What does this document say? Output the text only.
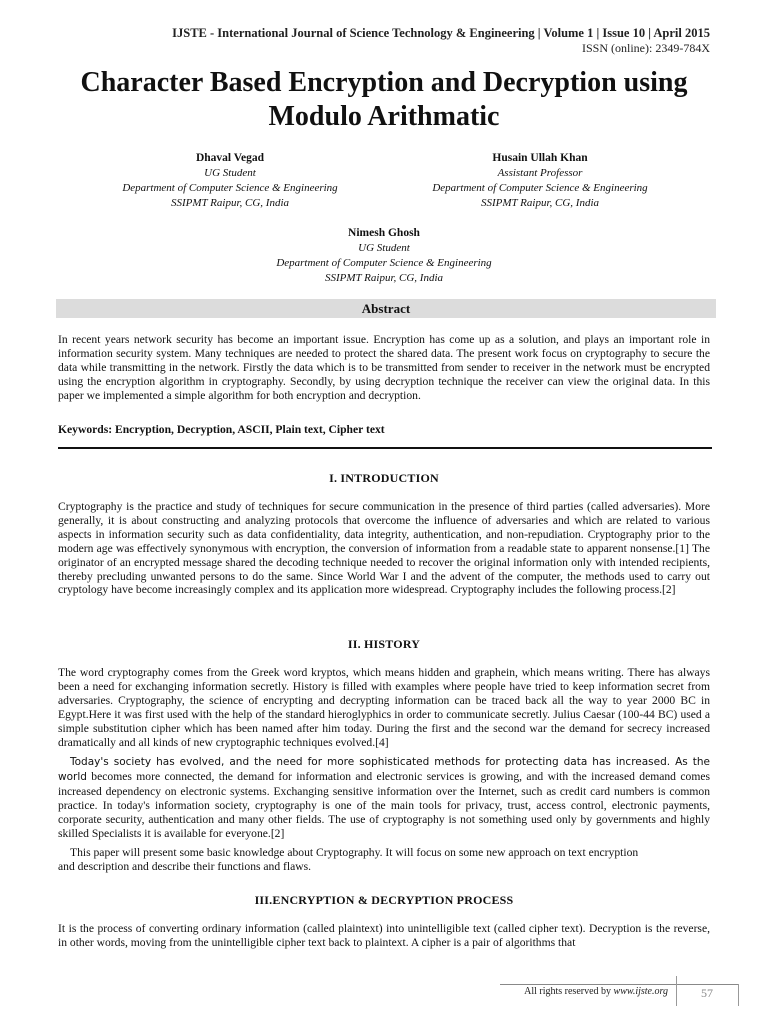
IJSTE - International Journal of Science Technology & Engineering | Volume 1 | Issue 10 | April 2015
ISSN (online): 2349-784X
Character Based Encryption and Decryption using Modulo Arithmatic
Dhaval Vegad
UG Student
Department of Computer Science & Engineering
SSIPMT Raipur, CG, India
Husain Ullah Khan
Assistant Professor
Department of Computer Science & Engineering
SSIPMT Raipur, CG, India
Nimesh Ghosh
UG Student
Department of Computer Science & Engineering
SSIPMT Raipur, CG, India
Abstract

In recent years network security has become an important issue. Encryption has come up as a solution, and plays an important role in information security system. Many techniques are needed to protect the shared data. The present work focus on cryptography to secure the data while transmitting in the network. Firstly the data which is to be transmitted from sender to receiver in the network must be encrypted using the encryption algorithm in cryptography. Secondly, by using decryption technique the receiver can view the original data. In this paper we implemented a simple algorithm for both encryption and decryption.

Keywords: Encryption, Decryption, ASCII, Plain text, Cipher text
I. INTRODUCTION

Cryptography is the practice and study of techniques for secure communication in the presence of third parties (called adversaries). More generally, it is about constructing and analyzing protocols that overcome the influence of adversaries and which are related to various aspects in information security such as data confidentiality, data integrity, authentication, and non-repudiation. Cryptography prior to the modern age was effectively synonymous with encryption, the conversion of information from a readable state to apparent nonsense.[1] The originator of an encrypted message shared the decoding technique needed to recover the original information only with intended recipients, thereby precluding unwanted persons to do the same. Since World War I and the advent of the computer, the methods used to carry out cryptology have become increasingly complex and its application more widespread. Cryptography includes the following process.[2]

II. HISTORY

The word cryptography comes from the Greek word kryptos, which means hidden and graphein, which means writing. There has always been a need for exchanging information secretly. History is filled with examples where people have tried to keep information secret from adversaries. Cryptography, the science of encrypting and decrypting information can be traced back all the way to year 2000 BC in Egypt.Here it was first used with the help of the standard hieroglyphics in order to communicate secretly. Julius Caesar (100-44 BC) used a simple substitution cipher which has been named after him today. During the first and the second war the demand for secrecy increased dramatically and all kinds of new cryptographic techniques evolved.[4]

Today's society has evolved, and the need for more sophisticated methods for protecting data has increased. As the world becomes more connected, the demand for information and electronic services is growing, and with the increased demand comes increased dependency on electronic systems. Exchanging sensitive information over the Internet, such as credit card numbers is common practice. In today's information society, cryptography is one of the main tools for privacy, trust, access control, electronic payments, corporate security, authentication and many other fields. The use of cryptography is not something used only by governments and highly skilled Specialists it is available for everyone.[2]

This paper will present some basic knowledge about Cryptography. It will focus on some new approach on text encryption and description and describe their functions and flaws.

III.ENCRYPTION & DECRYPTION PROCESS

It is the process of converting ordinary information (called plaintext) into unintelligible text (called cipher text). Decryption is the reverse, in other words, moving from the unintelligible cipher text back to plaintext. A cipher is a pair of algorithms that

All rights reserved by www.ijste.org	57
